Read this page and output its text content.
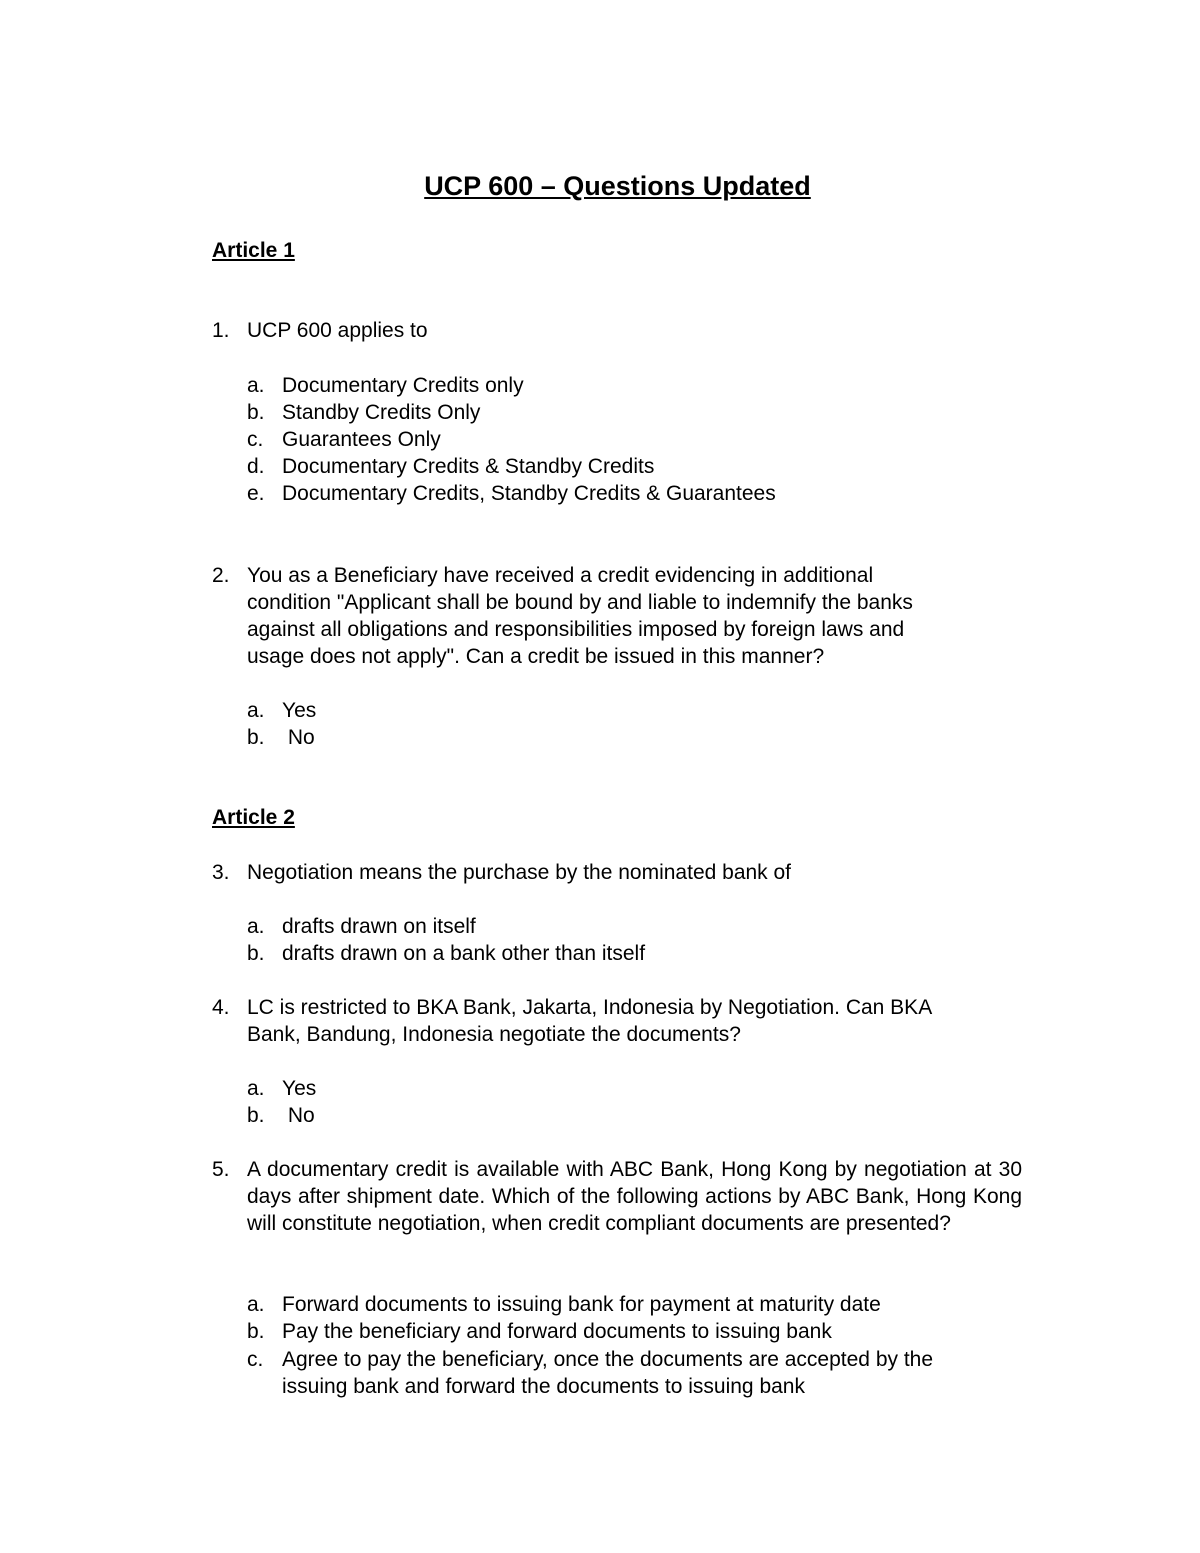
UCP 600 – Questions Updated
Article 1
1. UCP 600 applies to
a. Documentary Credits only
b. Standby Credits Only
c. Guarantees Only
d. Documentary Credits & Standby Credits
e. Documentary Credits, Standby Credits & Guarantees
2. You as a Beneficiary have received a credit evidencing in additional
condition "Applicant shall be bound by and liable to indemnify the banks
against all obligations and responsibilities imposed by foreign laws and
usage does not apply". Can a credit be issued in this manner?
a. Yes
b. No
Article 2
3. Negotiation means the purchase by the nominated bank of
a. drafts drawn on itself
b. drafts drawn on a bank other than itself
4. LC is restricted to BKA Bank, Jakarta, Indonesia by Negotiation. Can BKA
Bank, Bandung, Indonesia negotiate the documents?
a. Yes
b. No
5. A documentary credit is available with ABC Bank, Hong Kong by negotiation at 30 days after shipment date. Which of the following actions by ABC Bank, Hong Kong will constitute negotiation, when credit compliant documents are presented?
a. Forward documents to issuing bank for payment at maturity date
b. Pay the beneficiary and forward documents to issuing bank
c. Agree to pay the beneficiary, once the documents are accepted by the
issuing bank and forward the documents to issuing bank
